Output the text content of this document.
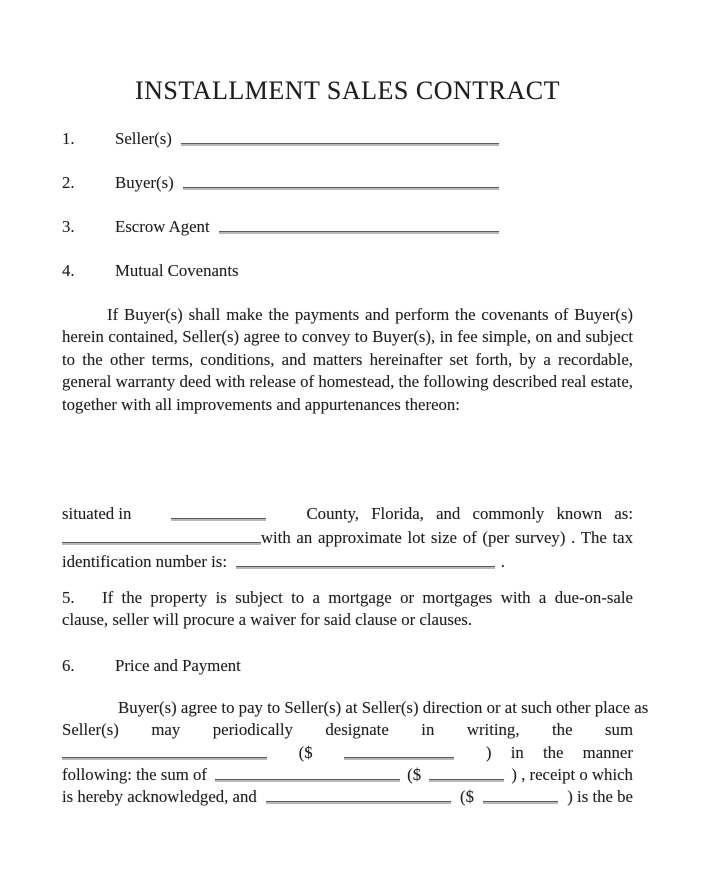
INSTALLMENT SALES CONTRACT
1.	Seller(s)
2.	Buyer(s)
3.	Escrow Agent
4.	Mutual Covenants

If Buyer(s) shall make the payments and perform the covenants of Buyer(s) herein contained, Seller(s) agree to convey to Buyer(s), in fee simple, on and subject to the other terms, conditions, and matters hereinafter set forth, by a recordable, general warranty deed with release of homestead, the following described real estate, together with all improvements and appurtenances thereon:

situated in	County, Florida, and commonly known as:
with an approximate lot size of (per survey) . The tax
identification number is:	.

5. If the property is subject to a mortgage or mortgages with a due-on-sale clause, seller will procure a waiver for said clause or clauses.

6.	Price and Payment
Buyer(s) agree to pay to Seller(s) at Seller(s) direction or at such other place as
Seller(s) may periodically designate in writing, the sum
($	) in the manner
following: the sum of	($	) , receipt o which
is hereby acknowledged, and	($	) is the be
